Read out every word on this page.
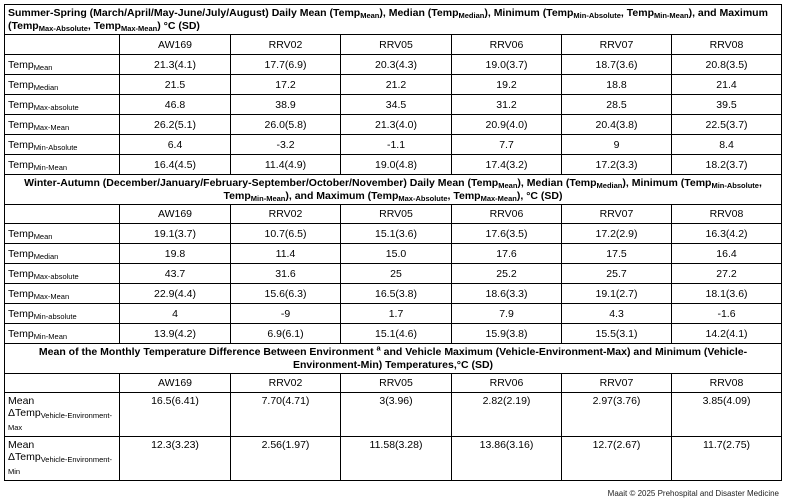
Summer-Spring (March/April/May-June/July/August) Daily Mean (Temp$_{Mean}$), Median (Temp$_{Median}$), Minimum (Temp$_{Min-Absolute}$, Temp$_{Min-Mean}$), and Maximum (Temp$_{Max-Absolute}$, Temp$_{Max-Mean}$) °C (SD)						
	AW169	RRV02	RRV05	RRV06	RRV07	RRV08
Temp$_{Mean}$	21.3(4.1)	17.7(6.9)	20.3(4.3)	19.0(3.7)	18.7(3.6)	20.8(3.5)
Temp$_{Median}$	21.5	17.2	21.2	19.2	18.8	21.4
Temp$_{Max-absolute}$	46.8	38.9	34.5	31.2	28.5	39.5
Temp$_{Max-Mean}$	26.2(5.1)	26.0(5.8)	21.3(4.0)	20.9(4.0)	20.4(3.8)	22.5(3.7)
Temp$_{Min-Absolute}$	6.4	-3.2	-1.1	7.7	9	8.4
Temp$_{Min-Mean}$	16.4(4.5)	11.4(4.9)	19.0(4.8)	17.4(3.2)	17.2(3.3)	18.2(3.7)
Winter-Autumn (December/January/February-September/October/November) Daily Mean (Temp$_{Mean}$), Median (Temp$_{Median}$), Minimum (Temp$_{Min-Absolute}$, Temp$_{Min-Mean}$), and Maximum (Temp$_{Max-Absolute}$, Temp$_{Max-Mean}$), °C (SD)						
	AW169	RRV02	RRV05	RRV06	RRV07	RRV08
Temp$_{Mean}$	19.1(3.7)	10.7(6.5)	15.1(3.6)	17.6(3.5)	17.2(2.9)	16.3(4.2)
Temp$_{Median}$	19.8	11.4	15.0	17.6	17.5	16.4
Temp$_{Max-absolute}$	43.7	31.6	25	25.2	25.7	27.2
Temp$_{Max-Mean}$	22.9(4.4)	15.6(6.3)	16.5(3.8)	18.6(3.3)	19.1(2.7)	18.1(3.6)
Temp$_{Min-absolute}$	4	-9	1.7	7.9	4.3	-1.6
Temp$_{Min-Mean}$	13.9(4.2)	6.9(6.1)	15.1(4.6)	15.9(3.8)	15.5(3.1)	14.2(4.1)
Mean of the Monthly Temperature Difference Between Environment $^a$ and Vehicle Maximum (Vehicle-Environment-Max) and Minimum (Vehicle-Environment-Min) Temperatures,°C (SD)						
	AW169	RRV02	RRV05	RRV06	RRV07	RRV08

Mean
ΔTemp$_{Vehicle-Environment-Max}$	16.5(6.41)	7.70(4.71)	3(3.96)	2.82(2.19)	2.97(3.76)	3.85(4.09)

Mean
ΔTemp$_{Vehicle-Environment-Min}$	12.3(3.23)	2.56(1.97)	11.58(3.28)	13.86(3.16)	12.7(2.67)	11.7(2.75)
Maait © 2025 Prehospital and Disaster Medicine
